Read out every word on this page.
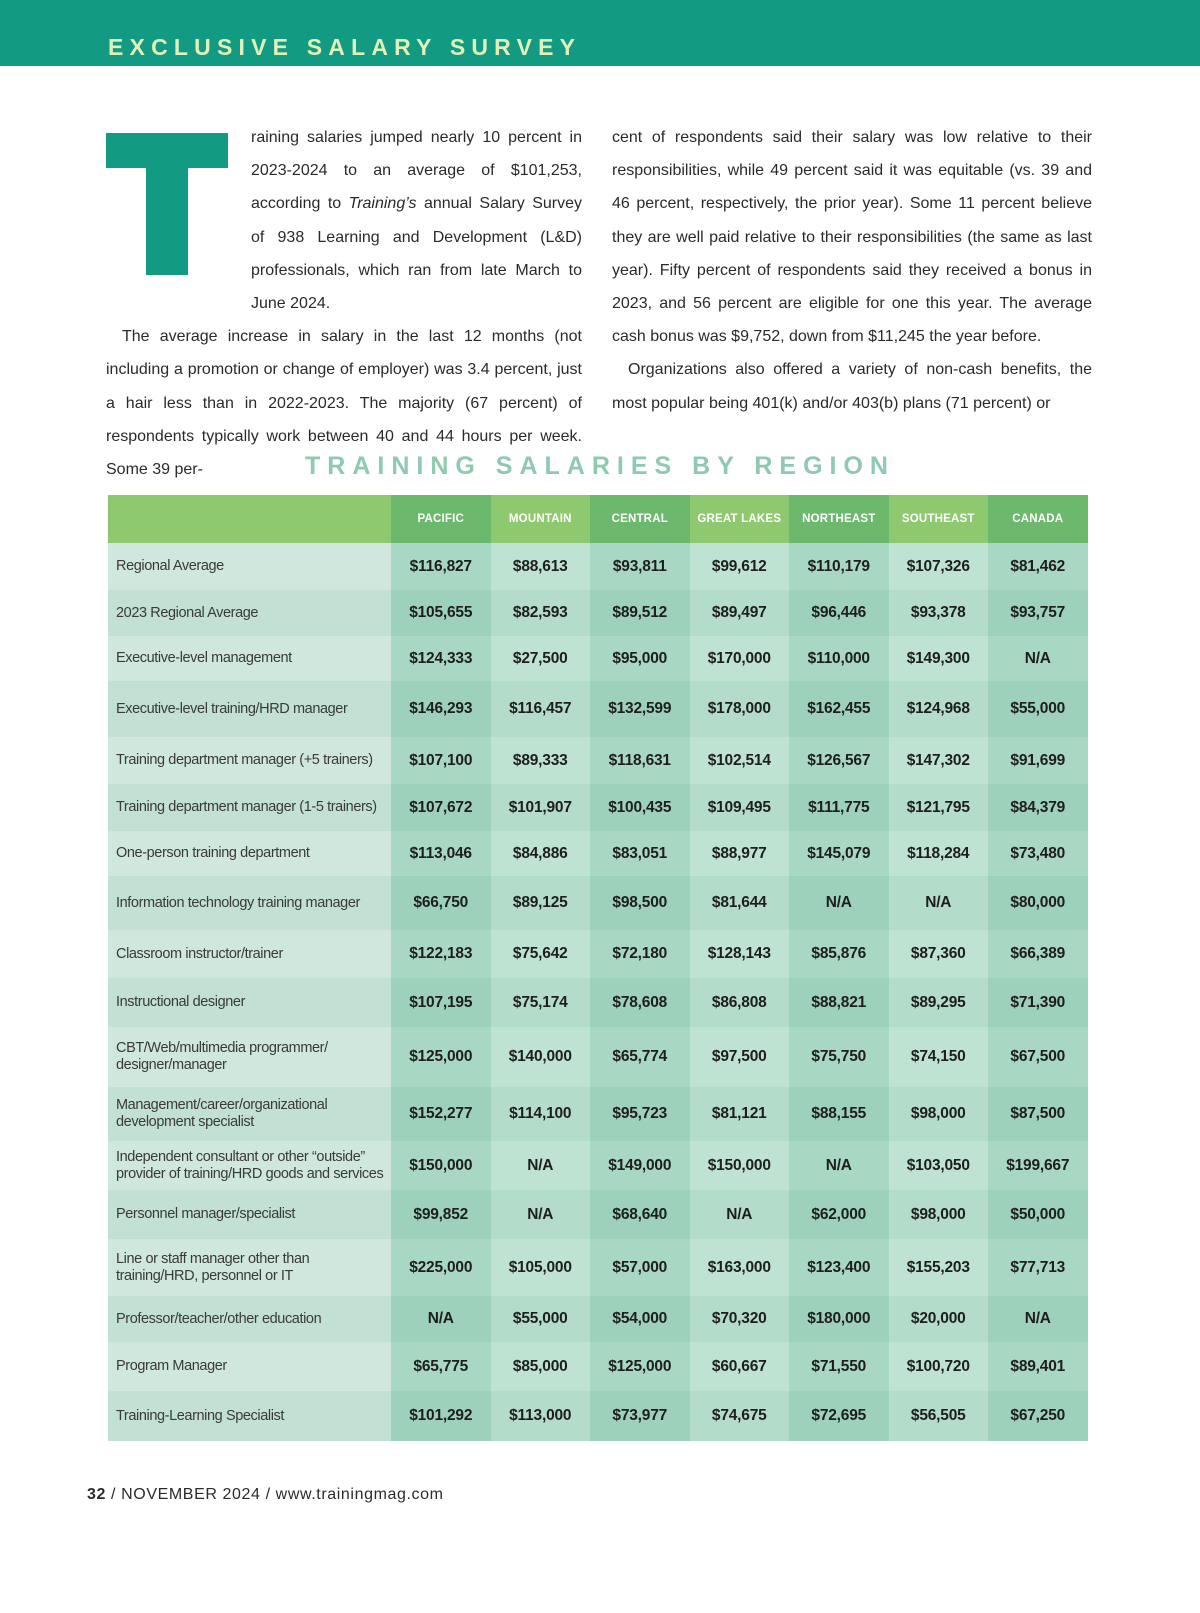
EXCLUSIVE SALARY SURVEY
raining salaries jumped nearly 10 percent in 2023-2024 to an average of $101,253, according to Training’s annual Salary Survey of 938 Learning and Development (L&D) professionals, which ran from late March to June 2024.
The average increase in salary in the last 12 months (not including a promotion or change of employer) was 3.4 percent, just a hair less than in 2022-2023. The majority (67 percent) of respondents typically work between 40 and 44 hours per week. Some 39 per-
cent of respondents said their salary was low relative to their responsibilities, while 49 percent said it was equitable (vs. 39 and 46 percent, respectively, the prior year). Some 11 percent believe they are well paid relative to their responsibilities (the same as last year). Fifty percent of respondents said they received a bonus in 2023, and 56 percent are eligible for one this year. The average cash bonus was $9,752, down from $11,245 the year before.
Organizations also offered a variety of non-cash benefits, the most popular being 401(k) and/or 403(b) plans (71 percent) or
TRAINING SALARIES BY REGION
PACIFIC	MOUNTAIN	CENTRAL	GREAT LAKES	NORTHEAST	SOUTHEAST	CANADA
Regional Average	$116,827	$88,613	$93,811	$99,612	$110,179	$107,326	$81,462
2023 Regional Average	$105,655	$82,593	$89,512	$89,497	$96,446	$93,378	$93,757
Executive-level management	$124,333	$27,500	$95,000	$170,000	$110,000	$149,300	N/A
Executive-level training/HRD manager	$146,293	$116,457	$132,599	$178,000	$162,455	$124,968	$55,000
Training department manager (+5 trainers)	$107,100	$89,333	$118,631	$102,514	$126,567	$147,302	$91,699
Training department manager (1-5 trainers)	$107,672	$101,907	$100,435	$109,495	$111,775	$121,795	$84,379
One-person training department	$113,046	$84,886	$83,051	$88,977	$145,079	$118,284	$73,480
Information technology training manager	$66,750	$89,125	$98,500	$81,644	N/A	N/A	$80,000
Classroom instructor/trainer	$122,183	$75,642	$72,180	$128,143	$85,876	$87,360	$66,389
Instructional designer	$107,195	$75,174	$78,608	$86,808	$88,821	$89,295	$71,390
CBT/Web/multimedia programmer/ designer/manager	$125,000	$140,000	$65,774	$97,500	$75,750	$74,150	$67,500
Management/career/organizational development specialist	$152,277	$114,100	$95,723	$81,121	$88,155	$98,000	$87,500
Independent consultant or other “outside” provider of training/HRD goods and services	$150,000	N/A	$149,000	$150,000	N/A	$103,050	$199,667
Personnel manager/specialist	$99,852	N/A	$68,640	N/A	$62,000	$98,000	$50,000
Line or staff manager other than training/HRD, personnel or IT	$225,000	$105,000	$57,000	$163,000	$123,400	$155,203	$77,713
Professor/teacher/other education	N/A	$55,000	$54,000	$70,320	$180,000	$20,000	N/A
Program Manager	$65,775	$85,000	$125,000	$60,667	$71,550	$100,720	$89,401
Training-Learning Specialist	$101,292	$113,000	$73,977	$74,675	$72,695	$56,505	$67,250
32 / NOVEMBER 2024 / www.trainingmag.com
